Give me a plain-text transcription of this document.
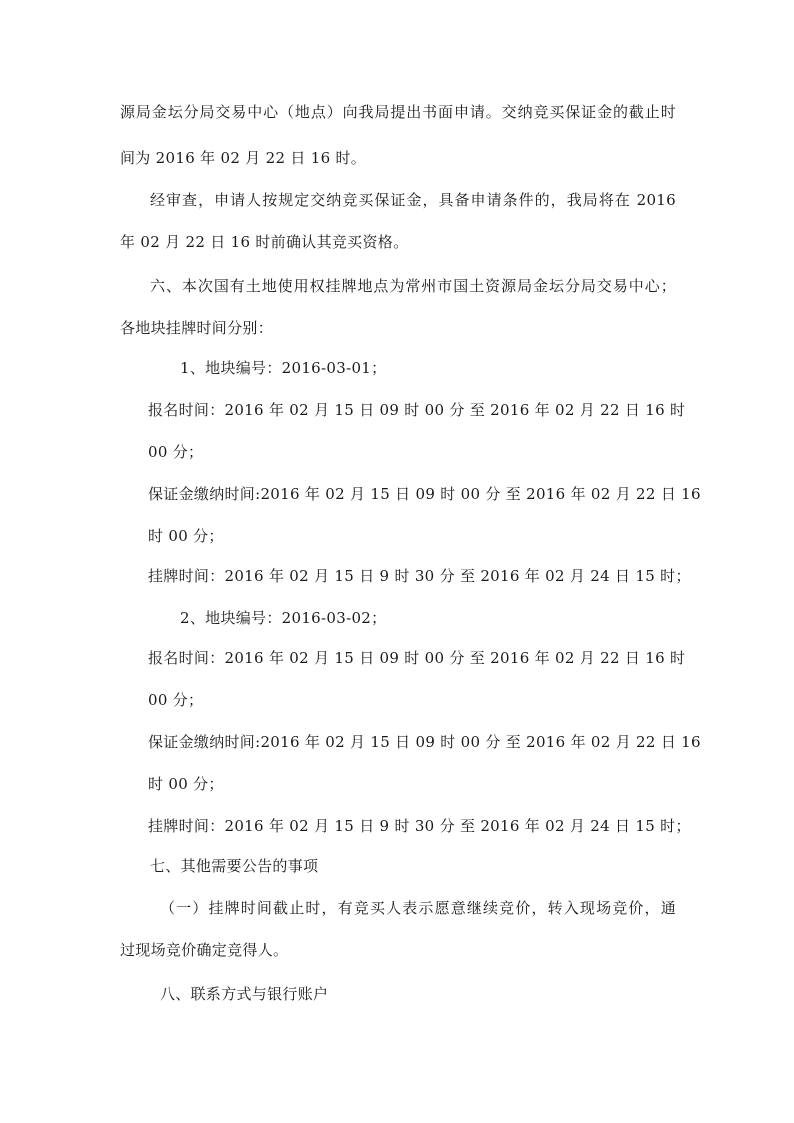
源局金坛分局交易中心（地点）向我局提出书面申请。交纳竞买保证金的截止时
间为 2016 年 02 月 22 日 16 时。
经审查，申请人按规定交纳竞买保证金，具备申请条件的，我局将在 2016
年 02 月 22 日 16 时前确认其竞买资格。
六、本次国有土地使用权挂牌地点为常州市国土资源局金坛分局交易中心；
各地块挂牌时间分别：
1、地块编号：2016-03-01；
报名时间：2016 年 02 月 15 日 09 时 00 分 至 2016 年 02 月 22 日 16 时
00 分；
保证金缴纳时间:2016 年 02 月 15 日 09 时 00 分 至 2016 年 02 月 22 日 16
时 00 分；
挂牌时间：2016 年 02 月 15 日 9 时 30 分 至 2016 年 02 月 24 日 15 时；
2、地块编号：2016-03-02；
报名时间：2016 年 02 月 15 日 09 时 00 分 至 2016 年 02 月 22 日 16 时
00 分；
保证金缴纳时间:2016 年 02 月 15 日 09 时 00 分 至 2016 年 02 月 22 日 16
时 00 分；
挂牌时间：2016 年 02 月 15 日 9 时 30 分 至 2016 年 02 月 24 日 15 时；
七、其他需要公告的事项
（一）挂牌时间截止时，有竞买人表示愿意继续竞价，转入现场竞价，通
过现场竞价确定竞得人。
八、联系方式与银行账户
